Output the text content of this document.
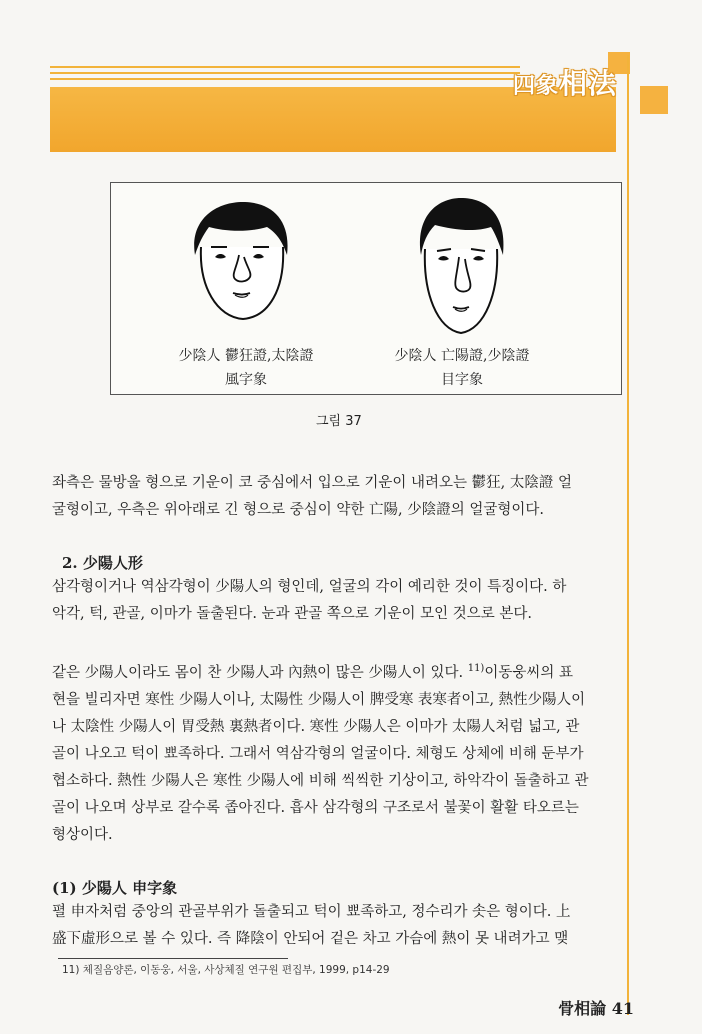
四象相法
少陰人 鬱狂證,太陰證
風字象
少陰人 亡陽證,少陰證
目字象
그림 37

좌측은 물방울 형으로 기운이 코 중심에서 입으로 기운이 내려오는 鬱狂, 太陰證 얼

굴형이고, 우측은 위아래로 긴 형으로 중심이 약한 亡陽, 少陰證의 얼굴형이다.

2. 少陽人形

삼각형이거나 역삼각형이 少陽人의 형인데, 얼굴의 각이 예리한 것이 특징이다. 하

악각, 턱, 관골, 이마가 돌출된다. 눈과 관골 쪽으로 기운이 모인 것으로 본다.

같은 少陽人이라도 몸이 찬 少陽人과 內熱이 많은 少陽人이 있다. $^{11)}$이동웅씨의 표

현을 빌리자면 寒性 少陽人이나, 太陽性 少陽人이 脾受寒 表寒者이고, 熱性少陽人이

나 太陰性 少陽人이 胃受熱 裏熱者이다. 寒性 少陽人은 이마가 太陽人처럼 넓고, 관

골이 나오고 턱이 뾰족하다. 그래서 역삼각형의 얼굴이다. 체형도 상체에 비해 둔부가

협소하다. 熱性 少陽人은 寒性 少陽人에 비해 씩씩한 기상이고, 하악각이 돌출하고 관

골이 나오며 상부로 갈수록 좁아진다. 흡사 삼각형의 구조로서 불꽃이 활활 타오르는

형상이다.

(1) 少陽人 申字象

펼 申자처럼 중앙의 관골부위가 돌출되고 턱이 뾰족하고, 정수리가 솟은 형이다. 上

盛下虛形으로 볼 수 있다. 즉 降陰이 안되어 겉은 차고 가슴에 熱이 못 내려가고 맺

11) 체질음양론, 이동웅, 서울, 사상체질 연구원 편집부, 1999, p14-29
骨相論 41
